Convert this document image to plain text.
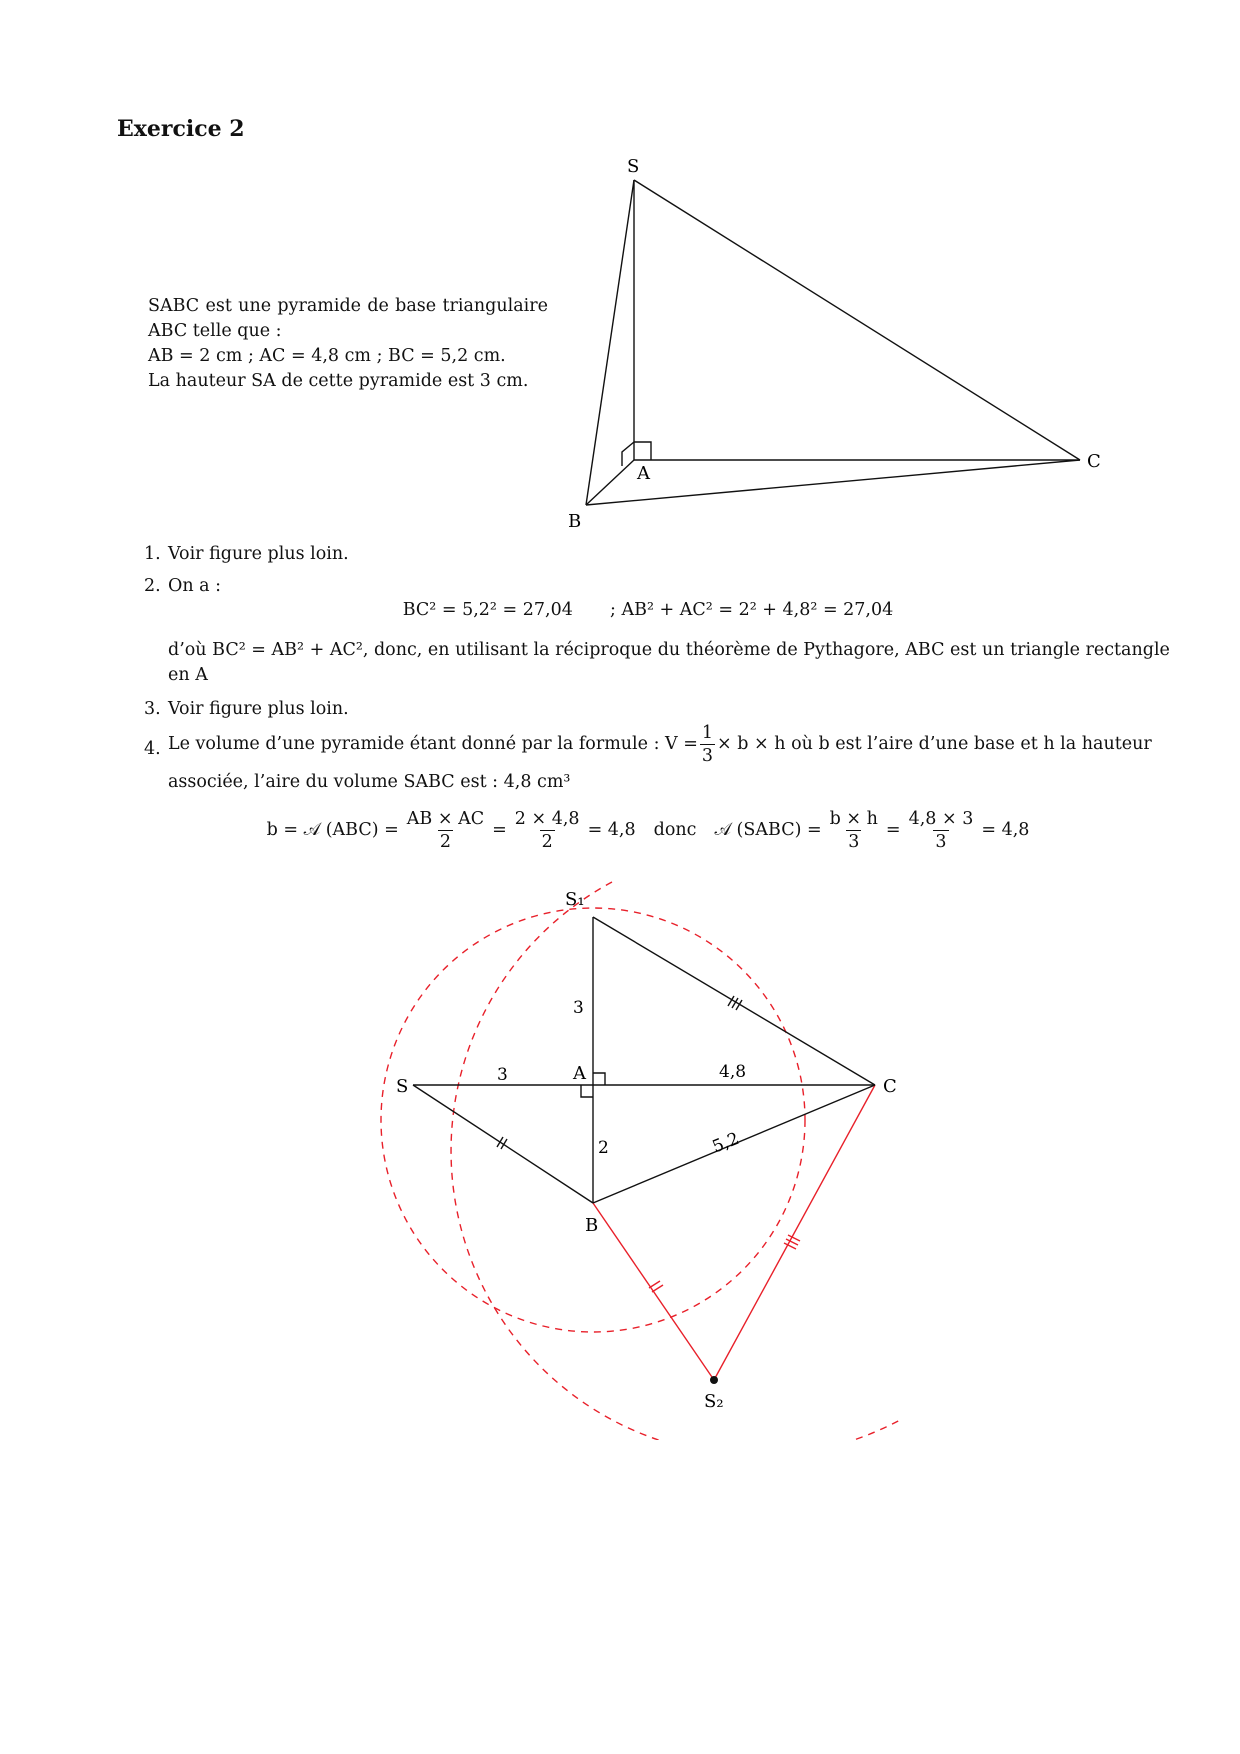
Exercice 2
S
A
B
C
SABC est une pyramide de base triangulaire
ABC telle que :
AB = 2 cm ; AC = 4,8 cm ; BC = 5,2 cm.
La hauteur SA de cette pyramide est 3 cm.
1. Voir figure plus loin.
2. On a :
BC² = 5,2² = 27,04 ; AB² + AC² = 2² + 4,8² = 27,04
d’où BC² = AB² + AC², donc, en utilisant la réciproque du théorème de Pythagore, ABC est un triangle rectangle
en A
3. Voir figure plus loin.
4. Le volume d’une pyramide étant donné par la formule : $V = \frac{1}{3} \times b \times h$ où b est l’aire d’une base et h la hauteur
associée, l’aire du volume SABC est : 4,8 cm³
b = 𝒜 $(ABC) = \frac{AB \times AC}{2} = \frac{2 \times 4,8}{2} = 4,8$ donc 𝒜 (SABC) = $\frac{b \times h}{3} = \frac{4,8 \times 3}{3} = 4,8$
S₁
S
A
B
C
S₂
3
3
4,8
2	5,2
